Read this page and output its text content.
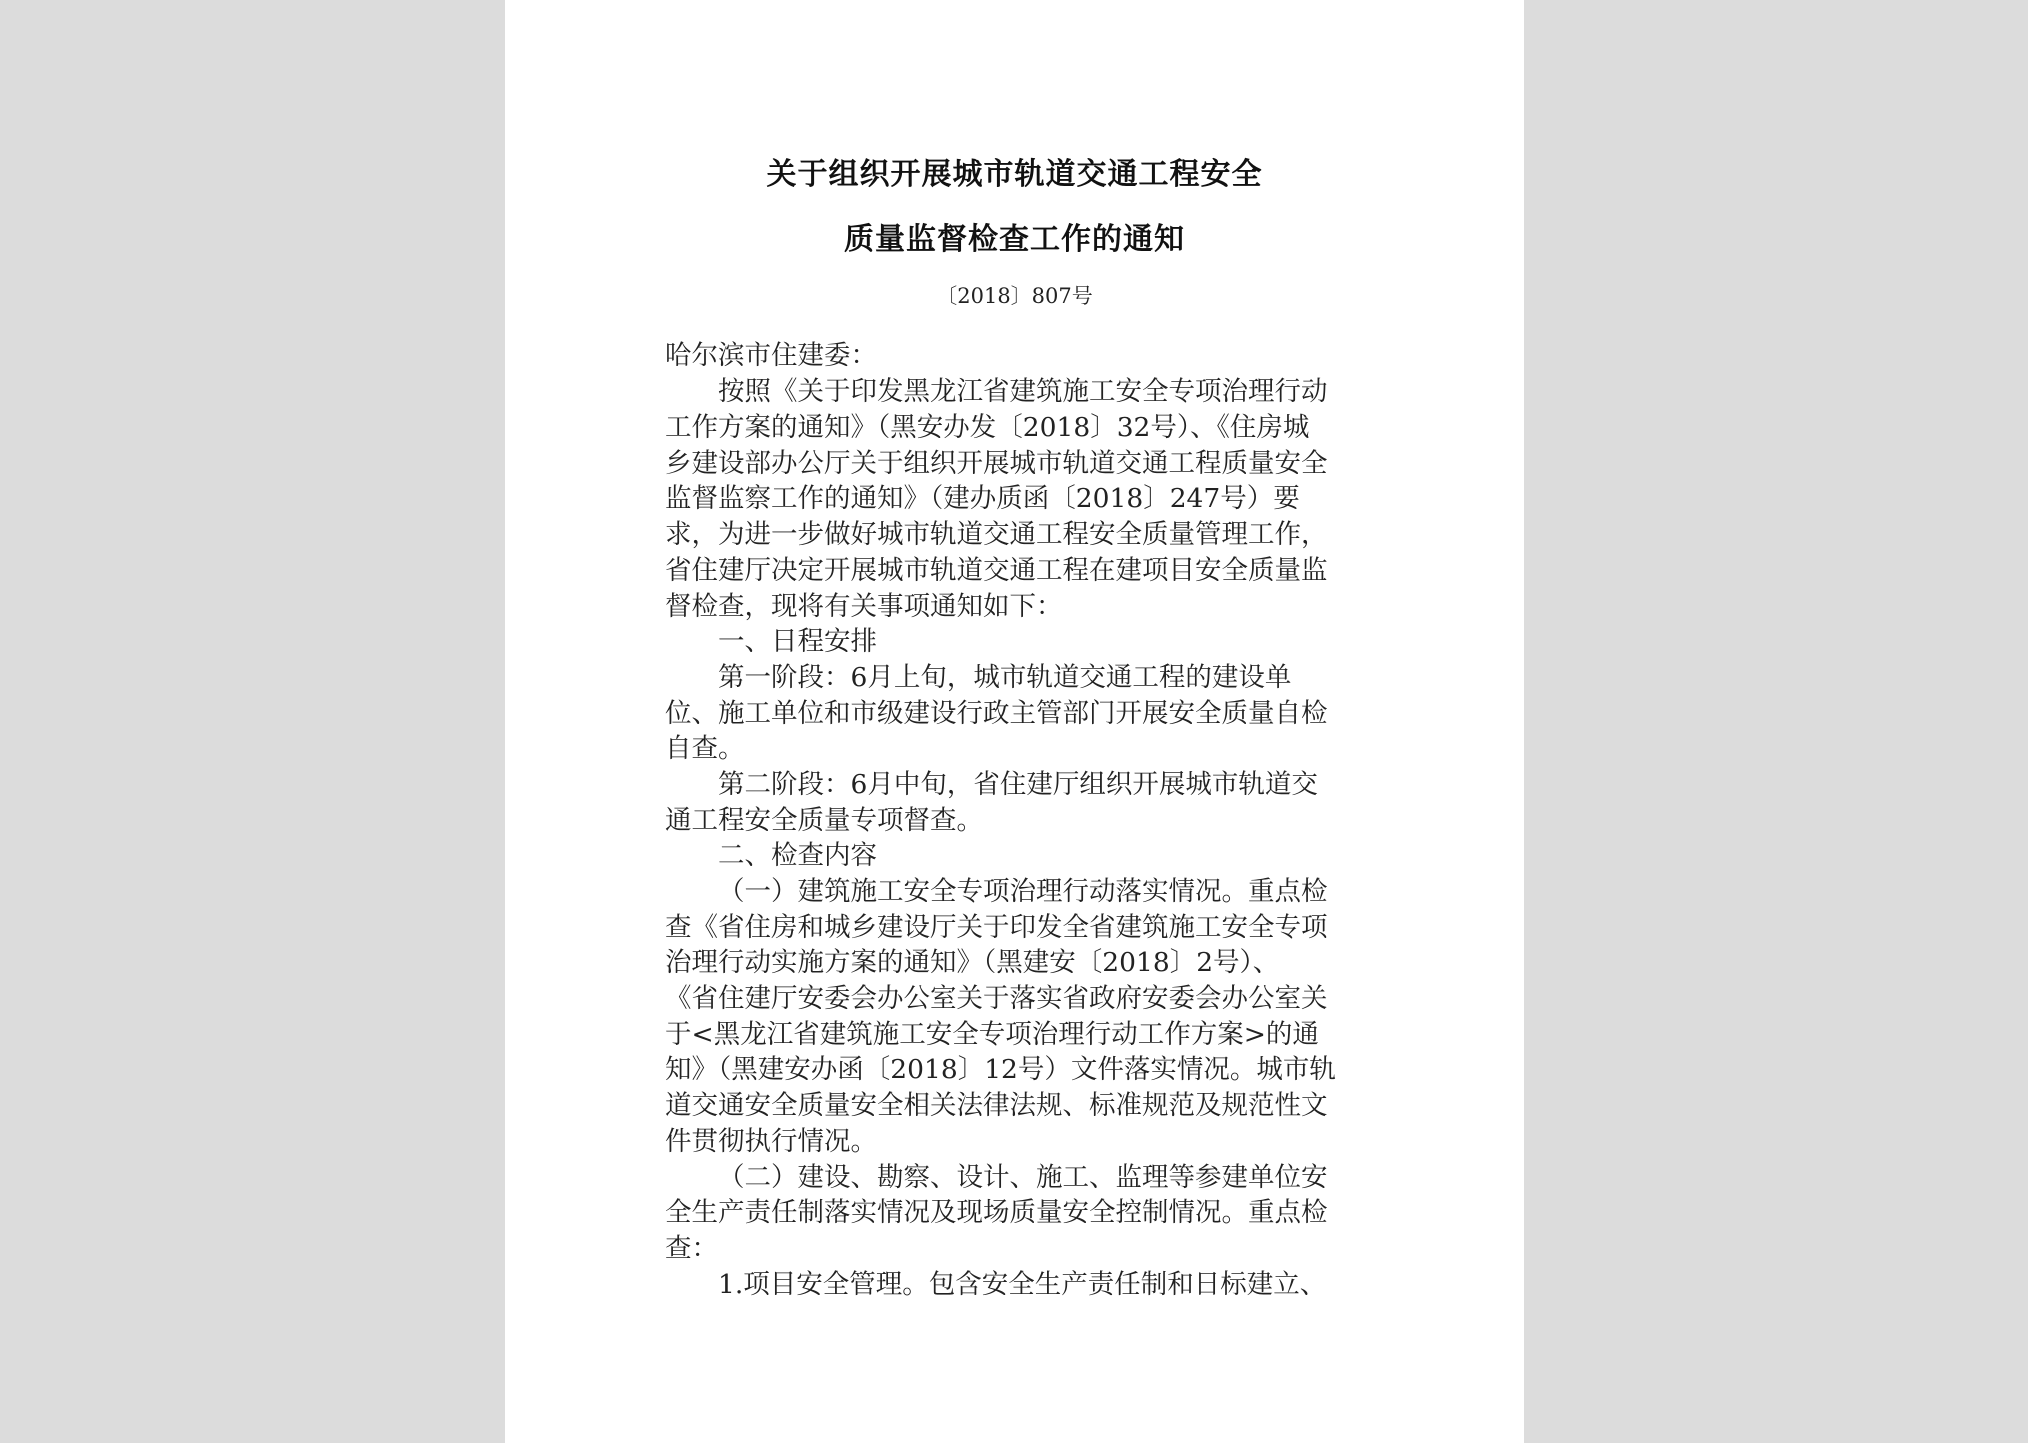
关于组织开展城市轨道交通工程安全
质量监督检查工作的通知
〔2018〕807号
哈尔滨市住建委：
按照《关于印发黑龙江省建筑施工安全专项治理行动
工作方案的通知》（黑安办发〔2018〕32号）、《住房城
乡建设部办公厅关于组织开展城市轨道交通工程质量安全
监督监察工作的通知》（建办质函〔2018〕247号）要
求，为进一步做好城市轨道交通工程安全质量管理工作，
省住建厅决定开展城市轨道交通工程在建项目安全质量监
督检查，现将有关事项通知如下：
一、日程安排
第一阶段：6月上旬，城市轨道交通工程的建设单
位、施工单位和市级建设行政主管部门开展安全质量自检
自查。
第二阶段：6月中旬，省住建厅组织开展城市轨道交
通工程安全质量专项督查。
二、检查内容
（一）建筑施工安全专项治理行动落实情况。重点检
查《省住房和城乡建设厅关于印发全省建筑施工安全专项
治理行动实施方案的通知》（黑建安〔2018〕2号）、
《省住建厅安委会办公室关于落实省政府安委会办公室关
于<黑龙江省建筑施工安全专项治理行动工作方案>的通
知》（黑建安办函〔2018〕12号）文件落实情况。城市轨
道交通安全质量安全相关法律法规、标准规范及规范性文
件贯彻执行情况。
（二）建设、勘察、设计、施工、监理等参建单位安
全生产责任制落实情况及现场质量安全控制情况。重点检
查：
1.项目安全管理。包含安全生产责任制和日标建立、
